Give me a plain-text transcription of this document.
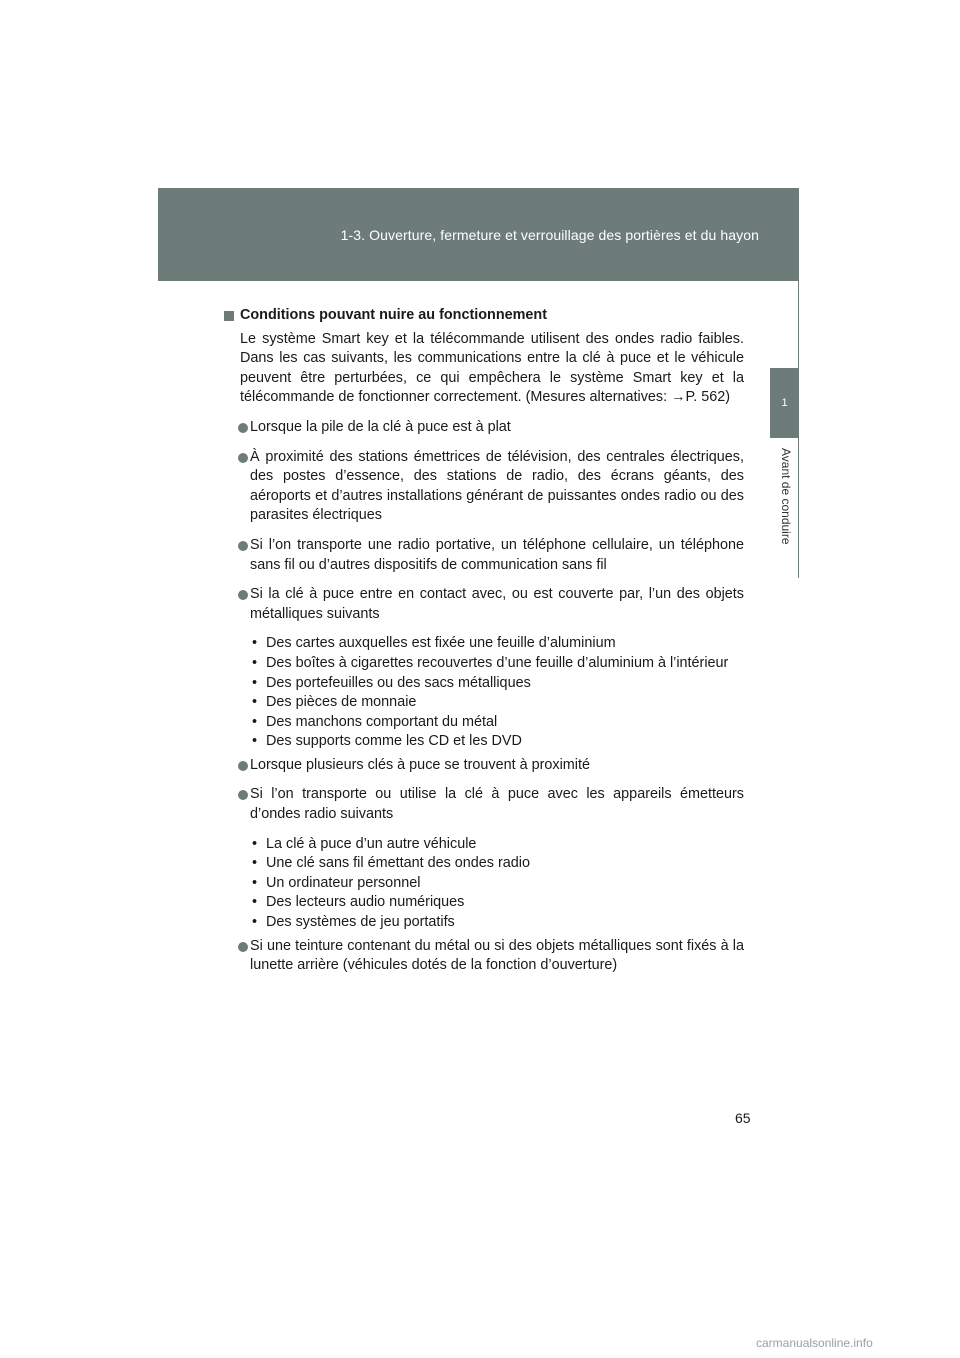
1-3. Ouverture, fermeture et verrouillage des portières et du hayon
1
Avant de conduire
Conditions pouvant nuire au fonctionnement
Le système Smart key et la télécommande utilisent des ondes radio faibles. Dans les cas suivants, les communications entre la clé à puce et le véhicule peuvent être perturbées, ce qui empêchera le système Smart key et la télécommande de fonctionner correctement. (Mesures alternatives: →P. 562)
Lorsque la pile de la clé à puce est à plat
À proximité des stations émettrices de télévision, des centrales électriques, des postes d’essence, des stations de radio, des écrans géants, des aéroports et d’autres installations générant de puissantes ondes radio ou des parasites électriques
Si l’on transporte une radio portative, un téléphone cellulaire, un téléphone sans fil ou d’autres dispositifs de communication sans fil
Si la clé à puce entre en contact avec, ou est couverte par, l’un des objets métalliques suivants
• Des cartes auxquelles est fixée une feuille d’aluminium
• Des boîtes à cigarettes recouvertes d’une feuille d’aluminium à l’intérieur
• Des portefeuilles ou des sacs métalliques
• Des pièces de monnaie
• Des manchons comportant du métal
• Des supports comme les CD et les DVD
Lorsque plusieurs clés à puce se trouvent à proximité
Si l’on transporte ou utilise la clé à puce avec les appareils émetteurs d’ondes radio suivants
• La clé à puce d’un autre véhicule
• Une clé sans fil émettant des ondes radio
• Un ordinateur personnel
• Des lecteurs audio numériques
• Des systèmes de jeu portatifs
Si une teinture contenant du métal ou si des objets métalliques sont fixés à la lunette arrière (véhicules dotés de la fonction d’ouverture)
65
carmanualsonline.info
